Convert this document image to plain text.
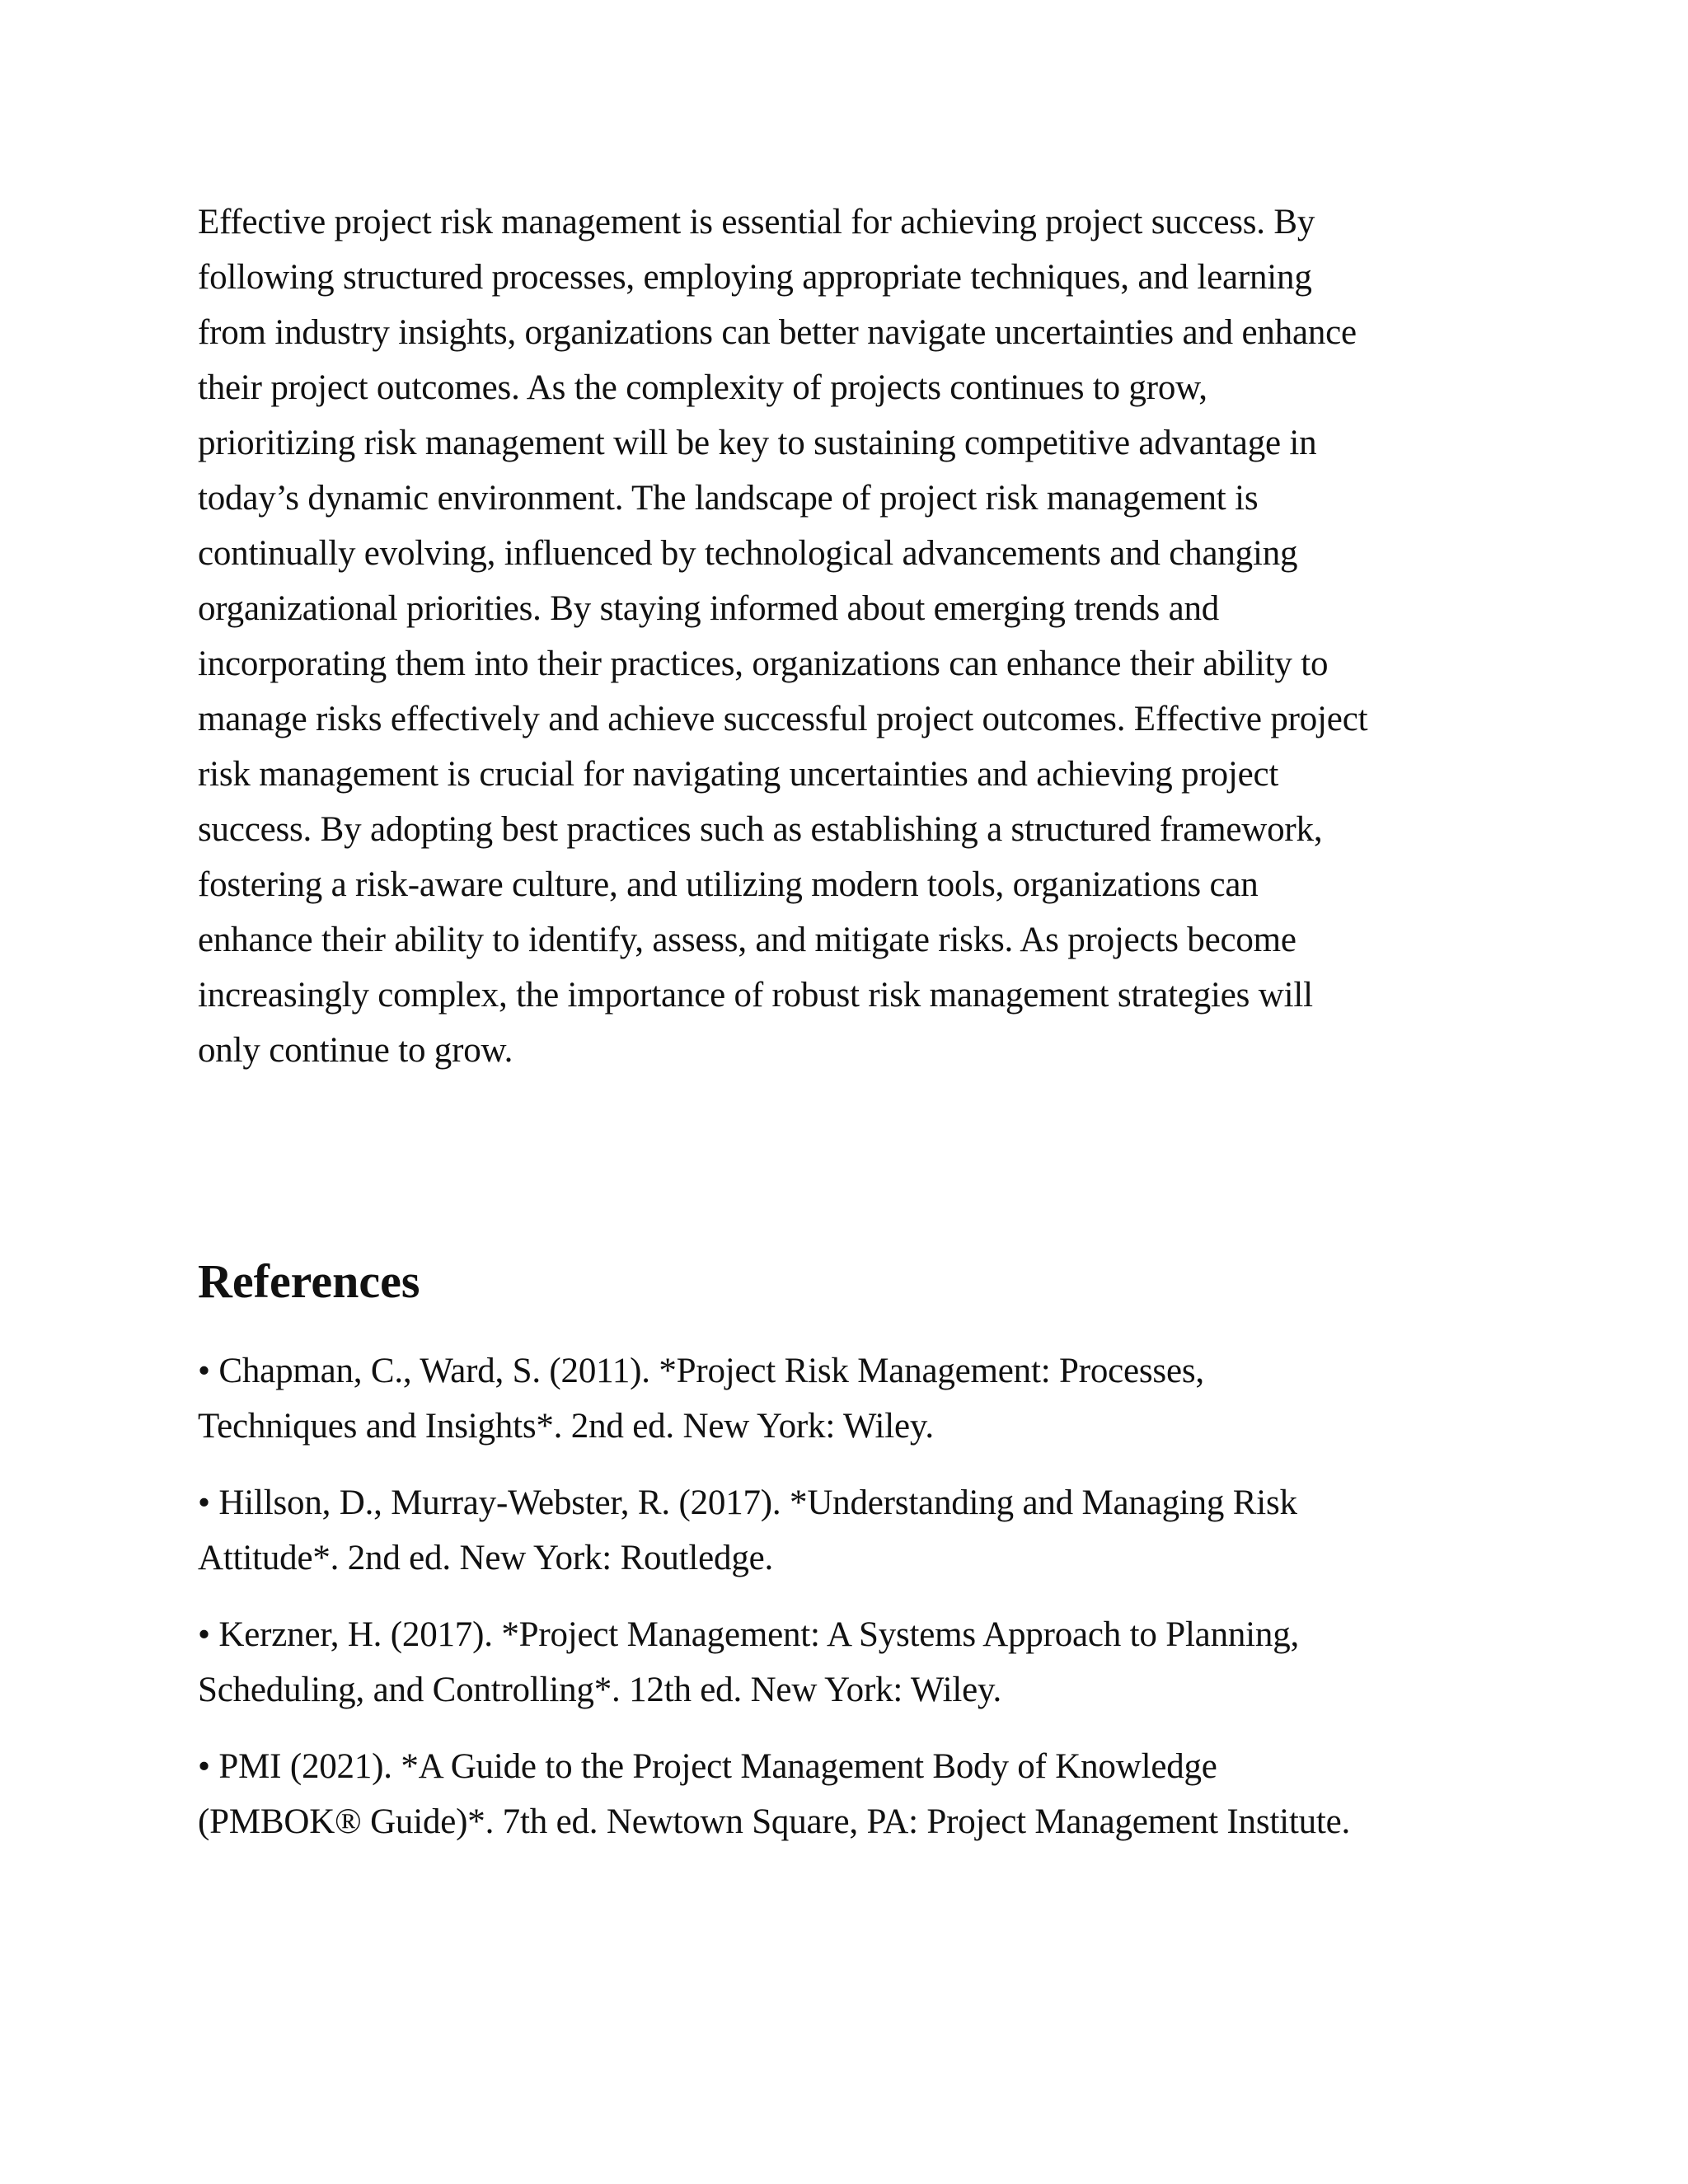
Effective project risk management is essential for achieving project success. By
following structured processes, employing appropriate techniques, and learning
from industry insights, organizations can better navigate uncertainties and enhance
their project outcomes. As the complexity of projects continues to grow,
prioritizing risk management will be key to sustaining competitive advantage in
today’s dynamic environment. The landscape of project risk management is
continually evolving, influenced by technological advancements and changing
organizational priorities. By staying informed about emerging trends and
incorporating them into their practices, organizations can enhance their ability to
manage risks effectively and achieve successful project outcomes. Effective project
risk management is crucial for navigating uncertainties and achieving project
success. By adopting best practices such as establishing a structured framework,
fostering a risk-aware culture, and utilizing modern tools, organizations can
enhance their ability to identify, assess, and mitigate risks. As projects become
increasingly complex, the importance of robust risk management strategies will
only continue to grow.

References

• Chapman, C., Ward, S. (2011). *Project Risk Management: Processes,
Techniques and Insights*. 2nd ed. New York: Wiley.

• Hillson, D., Murray-Webster, R. (2017). *Understanding and Managing Risk
Attitude*. 2nd ed. New York: Routledge.

• Kerzner, H. (2017). *Project Management: A Systems Approach to Planning,
Scheduling, and Controlling*. 12th ed. New York: Wiley.

• PMI (2021). *A Guide to the Project Management Body of Knowledge
(PMBOK® Guide)*. 7th ed. Newtown Square, PA: Project Management Institute.
